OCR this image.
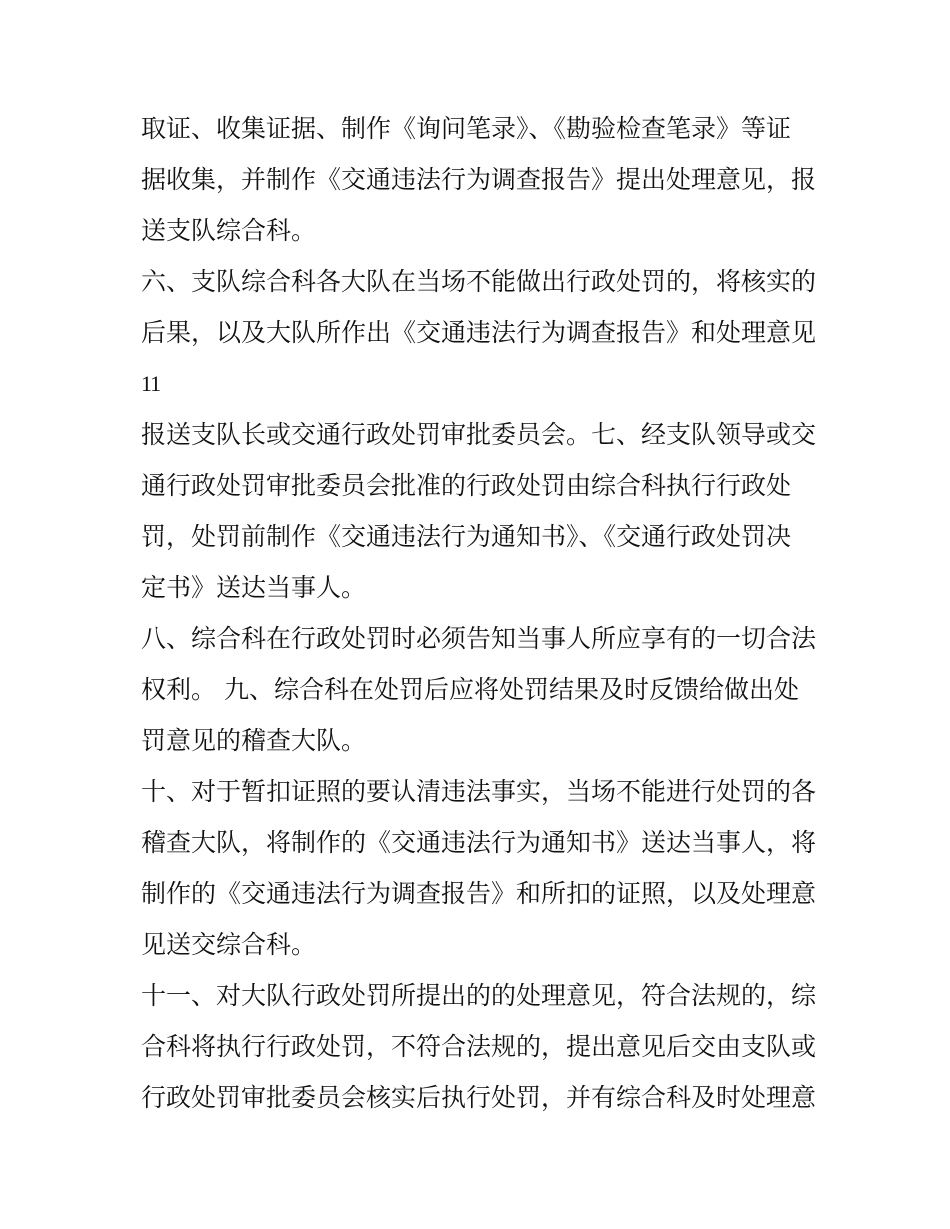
取证、收集证据、制作《询问笔录》、《勘验检查笔录》等证
据收集，并制作《交通违法行为调查报告》提出处理意见，报
送支队综合科。
六、支队综合科各大队在当场不能做出行政处罚的，将核实的
后果，以及大队所作出《交通违法行为调查报告》和处理意见
11
报送支队长或交通行政处罚审批委员会。七、经支队领导或交
通行政处罚审批委员会批准的行政处罚由综合科执行行政处
罚，处罚前制作《交通违法行为通知书》、《交通行政处罚决
定书》送达当事人。
八、综合科在行政处罚时必须告知当事人所应享有的一切合法
权利。 九、综合科在处罚后应将处罚结果及时反馈给做出处
罚意见的稽查大队。
十、对于暂扣证照的要认清违法事实，当场不能进行处罚的各
稽查大队，将制作的《交通违法行为通知书》送达当事人，将
制作的《交通违法行为调查报告》和所扣的证照，以及处理意
见送交综合科。
十一、对大队行政处罚所提出的的处理意见，符合法规的，综
合科将执行行政处罚，不符合法规的，提出意见后交由支队或
行政处罚审批委员会核实后执行处罚，并有综合科及时处理意
